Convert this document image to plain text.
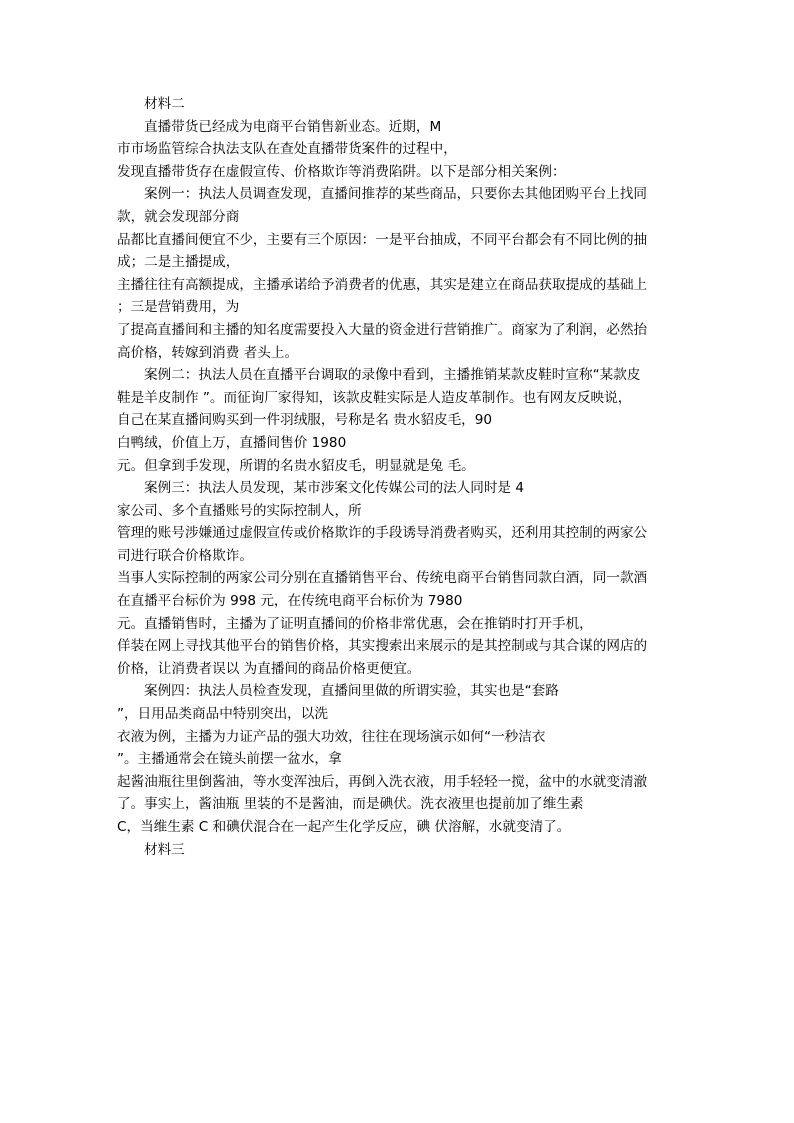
材料二
直播带货已经成为电商平台销售新业态。近期，M
市市场监管综合执法支队在查处直播带货案件的过程中，
发现直播带货存在虚假宣传、价格欺诈等消费陷阱。以下是部分相关案例：
案例一：执法人员调查发现，直播间推荐的某些商品，只要你去其他团购平台上找同
款，就会发现部分商
品都比直播间便宜不少，主要有三个原因：一是平台抽成，不同平台都会有不同比例的抽
成；二是主播提成，
主播往往有高额提成，主播承诺给予消费者的优惠，其实是建立在商品获取提成的基础上
；三是营销费用，为
了提高直播间和主播的知名度需要投入大量的资金进行营销推广。商家为了利润，必然抬
高价格，转嫁到消费 者头上。
案例二：执法人员在直播平台调取的录像中看到，主播推销某款皮鞋时宣称“某款皮
鞋是羊皮制作 ”。而征询厂家得知，该款皮鞋实际是人造皮革制作。也有网友反映说，
自己在某直播间购买到一件羽绒服，号称是名 贵水貂皮毛，90
白鸭绒，价值上万，直播间售价 1980
元。但拿到手发现，所谓的名贵水貂皮毛，明显就是兔 毛。
案例三：执法人员发现，某市涉案文化传媒公司的法人同时是 4
家公司、多个直播账号的实际控制人，所
管理的账号涉嫌通过虚假宣传或价格欺诈的手段诱导消费者购买，还利用其控制的两家公
司进行联合价格欺诈。
当事人实际控制的两家公司分别在直播销售平台、传统电商平台销售同款白酒，同一款酒
在直播平台标价为 998 元，在传统电商平台标价为 7980
元。直播销售时，主播为了证明直播间的价格非常优惠，会在推销时打开手机，
佯装在网上寻找其他平台的销售价格，其实搜索出来展示的是其控制或与其合谋的网店的
价格，让消费者误以 为直播间的商品价格更便宜。
案例四：执法人员检查发现，直播间里做的所谓实验，其实也是“套路
”，日用品类商品中特别突出，以洗
衣液为例，主播为力证产品的强大功效，往往在现场演示如何“一秒洁衣
”。主播通常会在镜头前摆一盆水，拿
起酱油瓶往里倒酱油，等水变浑浊后，再倒入洗衣液，用手轻轻一搅，盆中的水就变清澈
了。事实上，酱油瓶 里装的不是酱油，而是碘伏。洗衣液里也提前加了维生素
C，当维生素 C 和碘伏混合在一起产生化学反应，碘 伏溶解，水就变清了。
材料三
